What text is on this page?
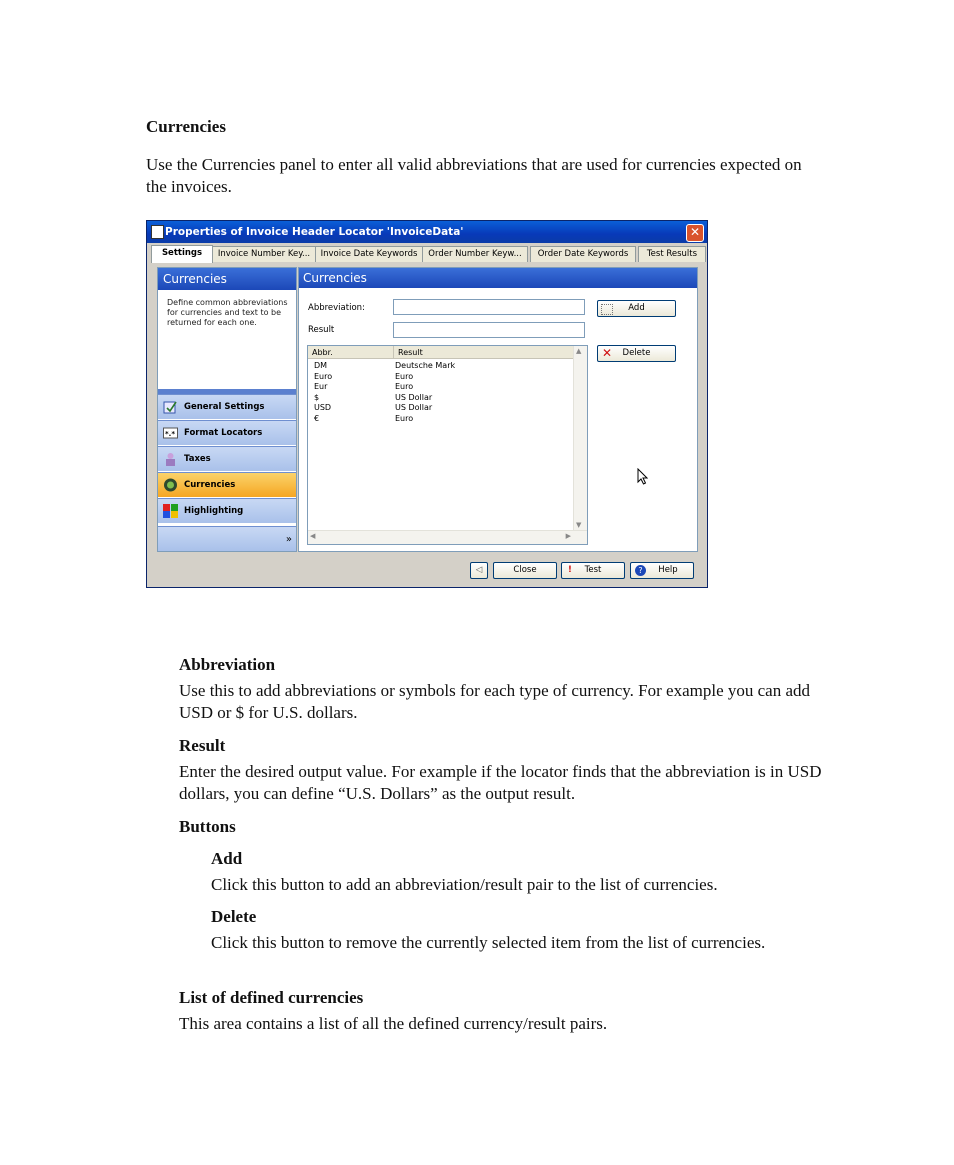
Currencies
Use the Currencies panel to enter all valid abbreviations that are used for currencies expected on the invoices.
Properties of Invoice Header Locator 'InvoiceData'	✕
Settings	Invoice Number Key...	Invoice Date Keywords	Order Number Keyw...	Order Date Keywords	Test Results
Currencies
Define common abbreviations for currencies and text to be returned for each one.
General Settings
*.* Format Locators
Taxes
Currencies
Highlighting
»
Currencies
Abbreviation:
Result
Add
✕ Delete
Abbr.	Result
DM	Deutsche Mark
Euro	Euro
Eur	Euro
$	US Dollar
USD	US Dollar
€	Euro
▲
▼
◀	▶
◁	Close	! Test	?	Help
Abbreviation
Use this to add abbreviations or symbols for each type of currency. For example you can add USD or $ for U.S. dollars.
Result
Enter the desired output value. For example if the locator finds that the abbreviation is in USD dollars, you can define “U.S. Dollars” as the output result.
Buttons
Add
Click this button to add an abbreviation/result pair to the list of currencies.
Delete
Click this button to remove the currently selected item from the list of currencies.
List of defined currencies
This area contains a list of all the defined currency/result pairs.
